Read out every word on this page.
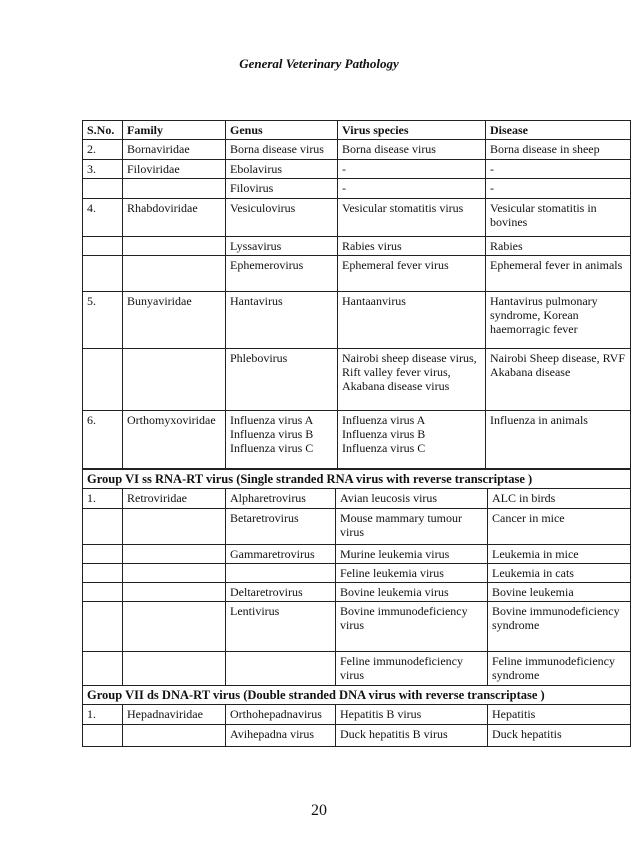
General Veterinary Pathology
S.No.	Family	Genus	Virus species	Disease
2.	Bornaviridae	Borna disease virus	Borna disease virus	Borna disease in sheep
3.	Filoviridae	Ebolavirus	-	-
		Filovirus	-	-
4.	Rhabdoviridae	Vesiculovirus	Vesicular stomatitis virus	Vesicular stomatitis in bovines
		Lyssavirus	Rabies virus	Rabies
		Ephemerovirus	Ephemeral fever virus	Ephemeral fever in animals
5.	Bunyaviridae	Hantavirus	Hantaanvirus	Hantavirus pulmonary syndrome, Korean haemorragic fever
		Phlebovirus	Nairobi sheep disease virus, Rift valley fever virus, Akabana disease virus	Nairobi Sheep disease, RVF
Akabana disease
6.	Orthomyxoviridae	Influenza virus A
Influenza virus B
Influenza virus C	Influenza virus A
Influenza virus B
Influenza virus C	Influenza in animals
Group VI ss RNA-RT virus (Single stranded RNA virus with reverse transcriptase )				
1.	Retroviridae	Alpharetrovirus	Avian leucosis virus	ALC in birds
		Betaretrovirus	Mouse mammary tumour virus	Cancer in mice
		Gammaretrovirus	Murine leukemia virus	Leukemia in mice
			Feline leukemia virus	Leukemia in cats
		Deltaretrovirus	Bovine leukemia virus	Bovine leukemia
		Lentivirus	Bovine immunodeficiency virus	Bovine immunodeficiency syndrome
			Feline immunodeficiency virus	Feline immunodeficiency syndrome
Group VII ds DNA-RT virus (Double stranded DNA virus with reverse transcriptase )				
1.	Hepadnaviridae	Orthohepadnavirus	Hepatitis B virus	Hepatitis
		Avihepadna virus	Duck hepatitis B virus	Duck hepatitis
20
